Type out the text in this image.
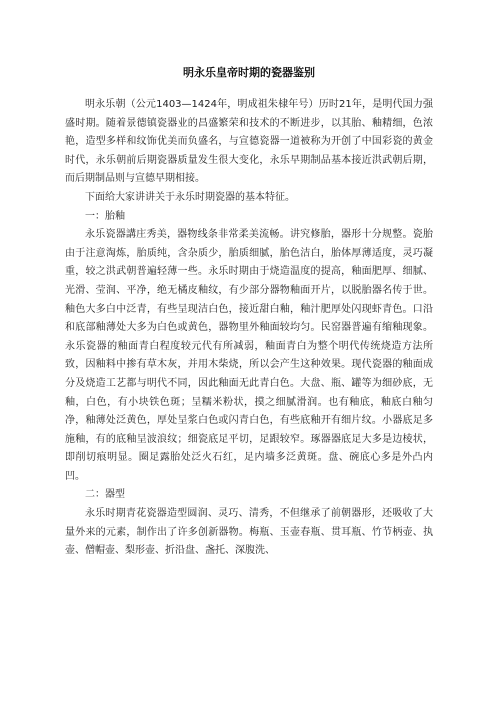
明永乐皇帝时期的瓷器鉴别

明永乐朝（公元1403—1424年，明成祖朱棣年号）历时21年，是明代国力强盛时期。随着景德镇瓷器业的昌盛繁荣和技术的不断进步，以其胎、釉精细，色浓艳，造型多样和纹饰优美而负盛名，与宣德瓷器一道被称为开创了中国彩瓷的黄金时代，永乐朝前后期瓷器质量发生很大变化，永乐早期制品基本接近洪武朝后期，而后期制品则与宣德早期相接。

下面给大家讲讲关于永乐时期瓷器的基本特征。

一：胎釉

永乐瓷器講庄秀美，器物线条非常柔美流畅。讲究修胎，器形十分规整。瓷胎由于注意淘炼，胎质纯，含杂质少，胎质细腻，胎色洁白，胎体厚薄适度，灵巧凝重，较之洪武朝普遍轻薄一些。永乐时期由于烧造温度的提高，釉面肥厚、细腻、光滑、莹润、平净，绝无橘皮釉纹，有少部分器物釉面开片，以脱胎器名传于世。釉色大多白中泛青，有些呈现洁白色，接近甜白釉，釉汁肥厚处闪现虾青色。口沿和底部釉薄处大多为白色或黄色，器物里外釉面较均匀。民窑器普遍有缩釉现象。永乐瓷器的釉面青白程度较元代有所减弱，釉面青白为整个明代传统烧造方法所致，因釉料中掺有草木灰，并用木柴烧，所以会产生这种效果。现代瓷器的釉面成分及烧造工艺都与明代不同，因此釉面无此青白色。大盘、瓶、罐等为细砂底，无釉，白色，有小块铁色斑；呈糯米粉状，摸之细腻滑润。也有釉底，釉底白釉匀净，釉薄处泛黄色，厚处呈浆白色或闪青白色，有些底釉开有细片纹。小器底足多施釉，有的底釉呈波浪纹；细瓷底足平切，足跟较窄。琢器器底足大多是边棱状，即削切痕明显。圈足露胎处泛火石红，足内墙多泛黄斑。盘、碗底心多是外凸内凹。

二：器型

永乐时期青花瓷器造型圆润、灵巧、清秀，不但继承了前朝器形，还吸收了大量外来的元素，制作出了许多创新器物。梅瓶、玉壶春瓶、贯耳瓶、竹节柄壶、执壶、僧帽壶、梨形壶、折沿盘、盏托、深腹洗、
